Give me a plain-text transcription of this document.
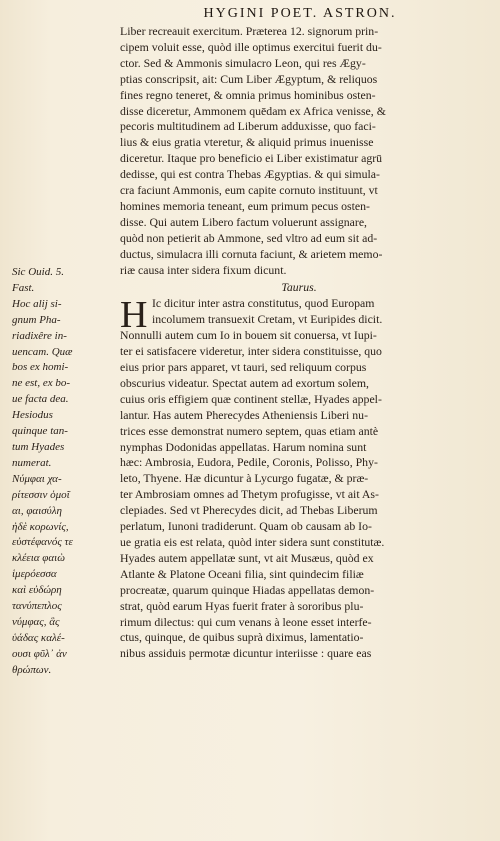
HYGINI POET. ASTRON.
Liber recreauit exercitum. Præterea 12. signorum prin-
cipem voluit esse, quòd ille optimus exercitui fuerit du-
ctor. Sed & Ammonis simulacro Leon, qui res Ægy-
ptias conscripsit, ait: Cum Liber Ægyptum, & reliquos
fines regno teneret, & omnia primus hominibus osten-
disse diceretur, Ammonem quēdam ex Africa venisse, &
pecoris multitudinem ad Liberum adduxisse, quo faci-
lius & eius gratia vteretur, & aliquid primus inuenisse
diceretur. Itaque pro beneficio ei Liber existimatur agrū
dedisse, qui est contra Thebas Ægyptias. & qui simula-
cra faciunt Ammonis, eum capite cornuto instituunt, vt
homines memoria teneant, eum primum pecus osten-
disse. Qui autem Libero factum voluerunt assignare,
quòd non petierit ab Ammone, sed vltro ad eum sit ad-
ductus, simulacra illi cornuta faciunt, & arietem memo-
riæ causa inter sidera fixum dicunt.
Taurus.
H Ic dicitur inter astra constitutus, quod Europam
incolumem transuexit Cretam, vt Euripides dicit.
Nonnulli autem cum Io in bouem sit conuersa, vt Iupi-
ter ei satisfacere videretur, inter sidera constituisse, quo
eius prior pars apparet, vt tauri, sed reliquum corpus
obscurius videatur. Spectat autem ad exortum solem,
cuius oris effigiem quæ continent stellæ, Hyades appel-
lantur. Has autem Pherecydes Atheniensis Liberi nu-
trices esse demonstrat numero septem, quas etiam antè
nymphas Dodonidas appellatas. Harum nomina sunt
hæc: Ambrosia, Eudora, Pedile, Coronis, Polisso, Phy-
leto, Thyene. Hæ dicuntur à Lycurgo fugatæ, & præ-
ter Ambrosiam omnes ad Thetym profugisse, vt ait As-
clepiades. Sed vt Pherecydes dicit, ad Thebas Liberum
perlatum, Iunoni tradiderunt. Quam ob causam ab Io-
ue gratia eis est relata, quòd inter sidera sunt constitutæ.
Hyades autem appellatæ sunt, vt ait Musæus, quòd ex
Atlante & Platone Oceani filia, sint quindecim filiæ
procreatæ, quarum quinque Hiadas appellatas demon-
strat, quòd earum Hyas fuerit frater à sororibus plu-
rimum dilectus: qui cum venans à leone esset interfe-
ctus, quinque, de quibus suprà diximus, lamentatio-
nibus assiduis permotæ dicuntur interiisse : quare eas
Sic Ouid. 5.
Fast.
Hoc alij si-
gnum Pha-
riadixêre in-
uencam. Quæ
bos ex homi-
ne est, ex bo-
ue facta dea.
Hesiodus
quinque tan-
tum Hyades
numerat.
Νύμφαι χα-
ρίτεσσιν ὁμοῖ
αι, φαισύλη
ἠδὲ κορωνίς,
εὐστέφανός τε
κλέεια φαιὼ
ἱμερόεσσα
καὶ εὐδώρη
τανύπεπλος
νύμφας, ἃς
ὑάδας καλέ-
ουσι φῦλ᾽ ἀν
θρώπων.
